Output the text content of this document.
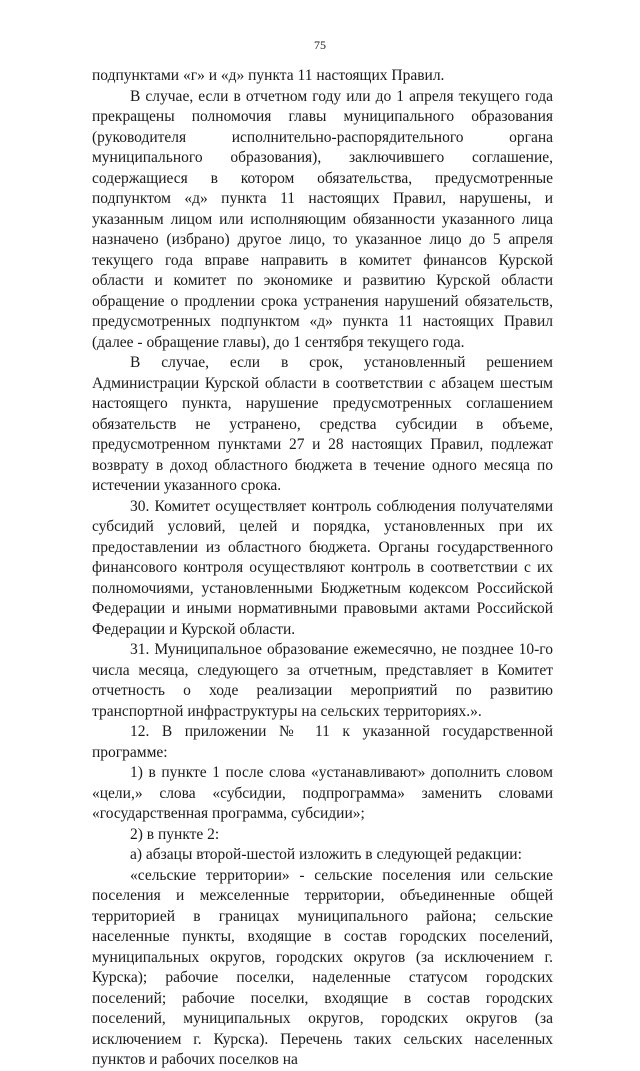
75

подпунктами «г» и «д» пункта 11 настоящих Правил.

В случае, если в отчетном году или до 1 апреля текущего года прекращены полномочия главы муниципального образования (руководителя исполнительно-распорядительного органа муниципального образования), заключившего соглашение, содержащиеся в котором обязательства, предусмотренные подпунктом «д» пункта 11 настоящих Правил, нарушены, и указанным лицом или исполняющим обязанности указанного лица назначено (избрано) другое лицо, то указанное лицо до 5 апреля текущего года вправе направить в комитет финансов Курской области и комитет по экономике и развитию Курской области обращение о продлении срока устранения нарушений обязательств, предусмотренных подпунктом «д» пункта 11 настоящих Правил (далее - обращение главы), до 1 сентября текущего года.

В случае, если в срок, установленный решением Администрации Курской области в соответствии с абзацем шестым настоящего пункта, нарушение предусмотренных соглашением обязательств не устранено, средства субсидии в объеме, предусмотренном пунктами 27 и 28 настоящих Правил, подлежат возврату в доход областного бюджета в течение одного месяца по истечении указанного срока.

30. Комитет осуществляет контроль соблюдения получателями субсидий условий, целей и порядка, установленных при их предоставлении из областного бюджета. Органы государственного финансового контроля осуществляют контроль в соответствии с их полномочиями, установленными Бюджетным кодексом Российской Федерации и иными нормативными правовыми актами Российской Федерации и Курской области.

31. Муниципальное образование ежемесячно, не позднее 10-го числа месяца, следующего за отчетным, представляет в Комитет отчетность о ходе реализации мероприятий по развитию транспортной инфраструктуры на сельских территориях.».

12. В приложении № 11 к указанной государственной программе:

1) в пункте 1 после слова «устанавливают» дополнить словом «цели,» слова «субсидии, подпрограмма» заменить словами «государственная программа, субсидии»;

2) в пункте 2:

а) абзацы второй-шестой изложить в следующей редакции:

«сельские территории» - сельские поселения или сельские поселения и межселенные территории, объединенные общей территорией в границах муниципального района; сельские населенные пункты, входящие в состав городских поселений, муниципальных округов, городских округов (за исключением г. Курска); рабочие поселки, наделенные статусом городских поселений; рабочие поселки, входящие в состав городских поселений, муниципальных округов, городских округов (за исключением г. Курска). Перечень таких сельских населенных пунктов и рабочих поселков на
